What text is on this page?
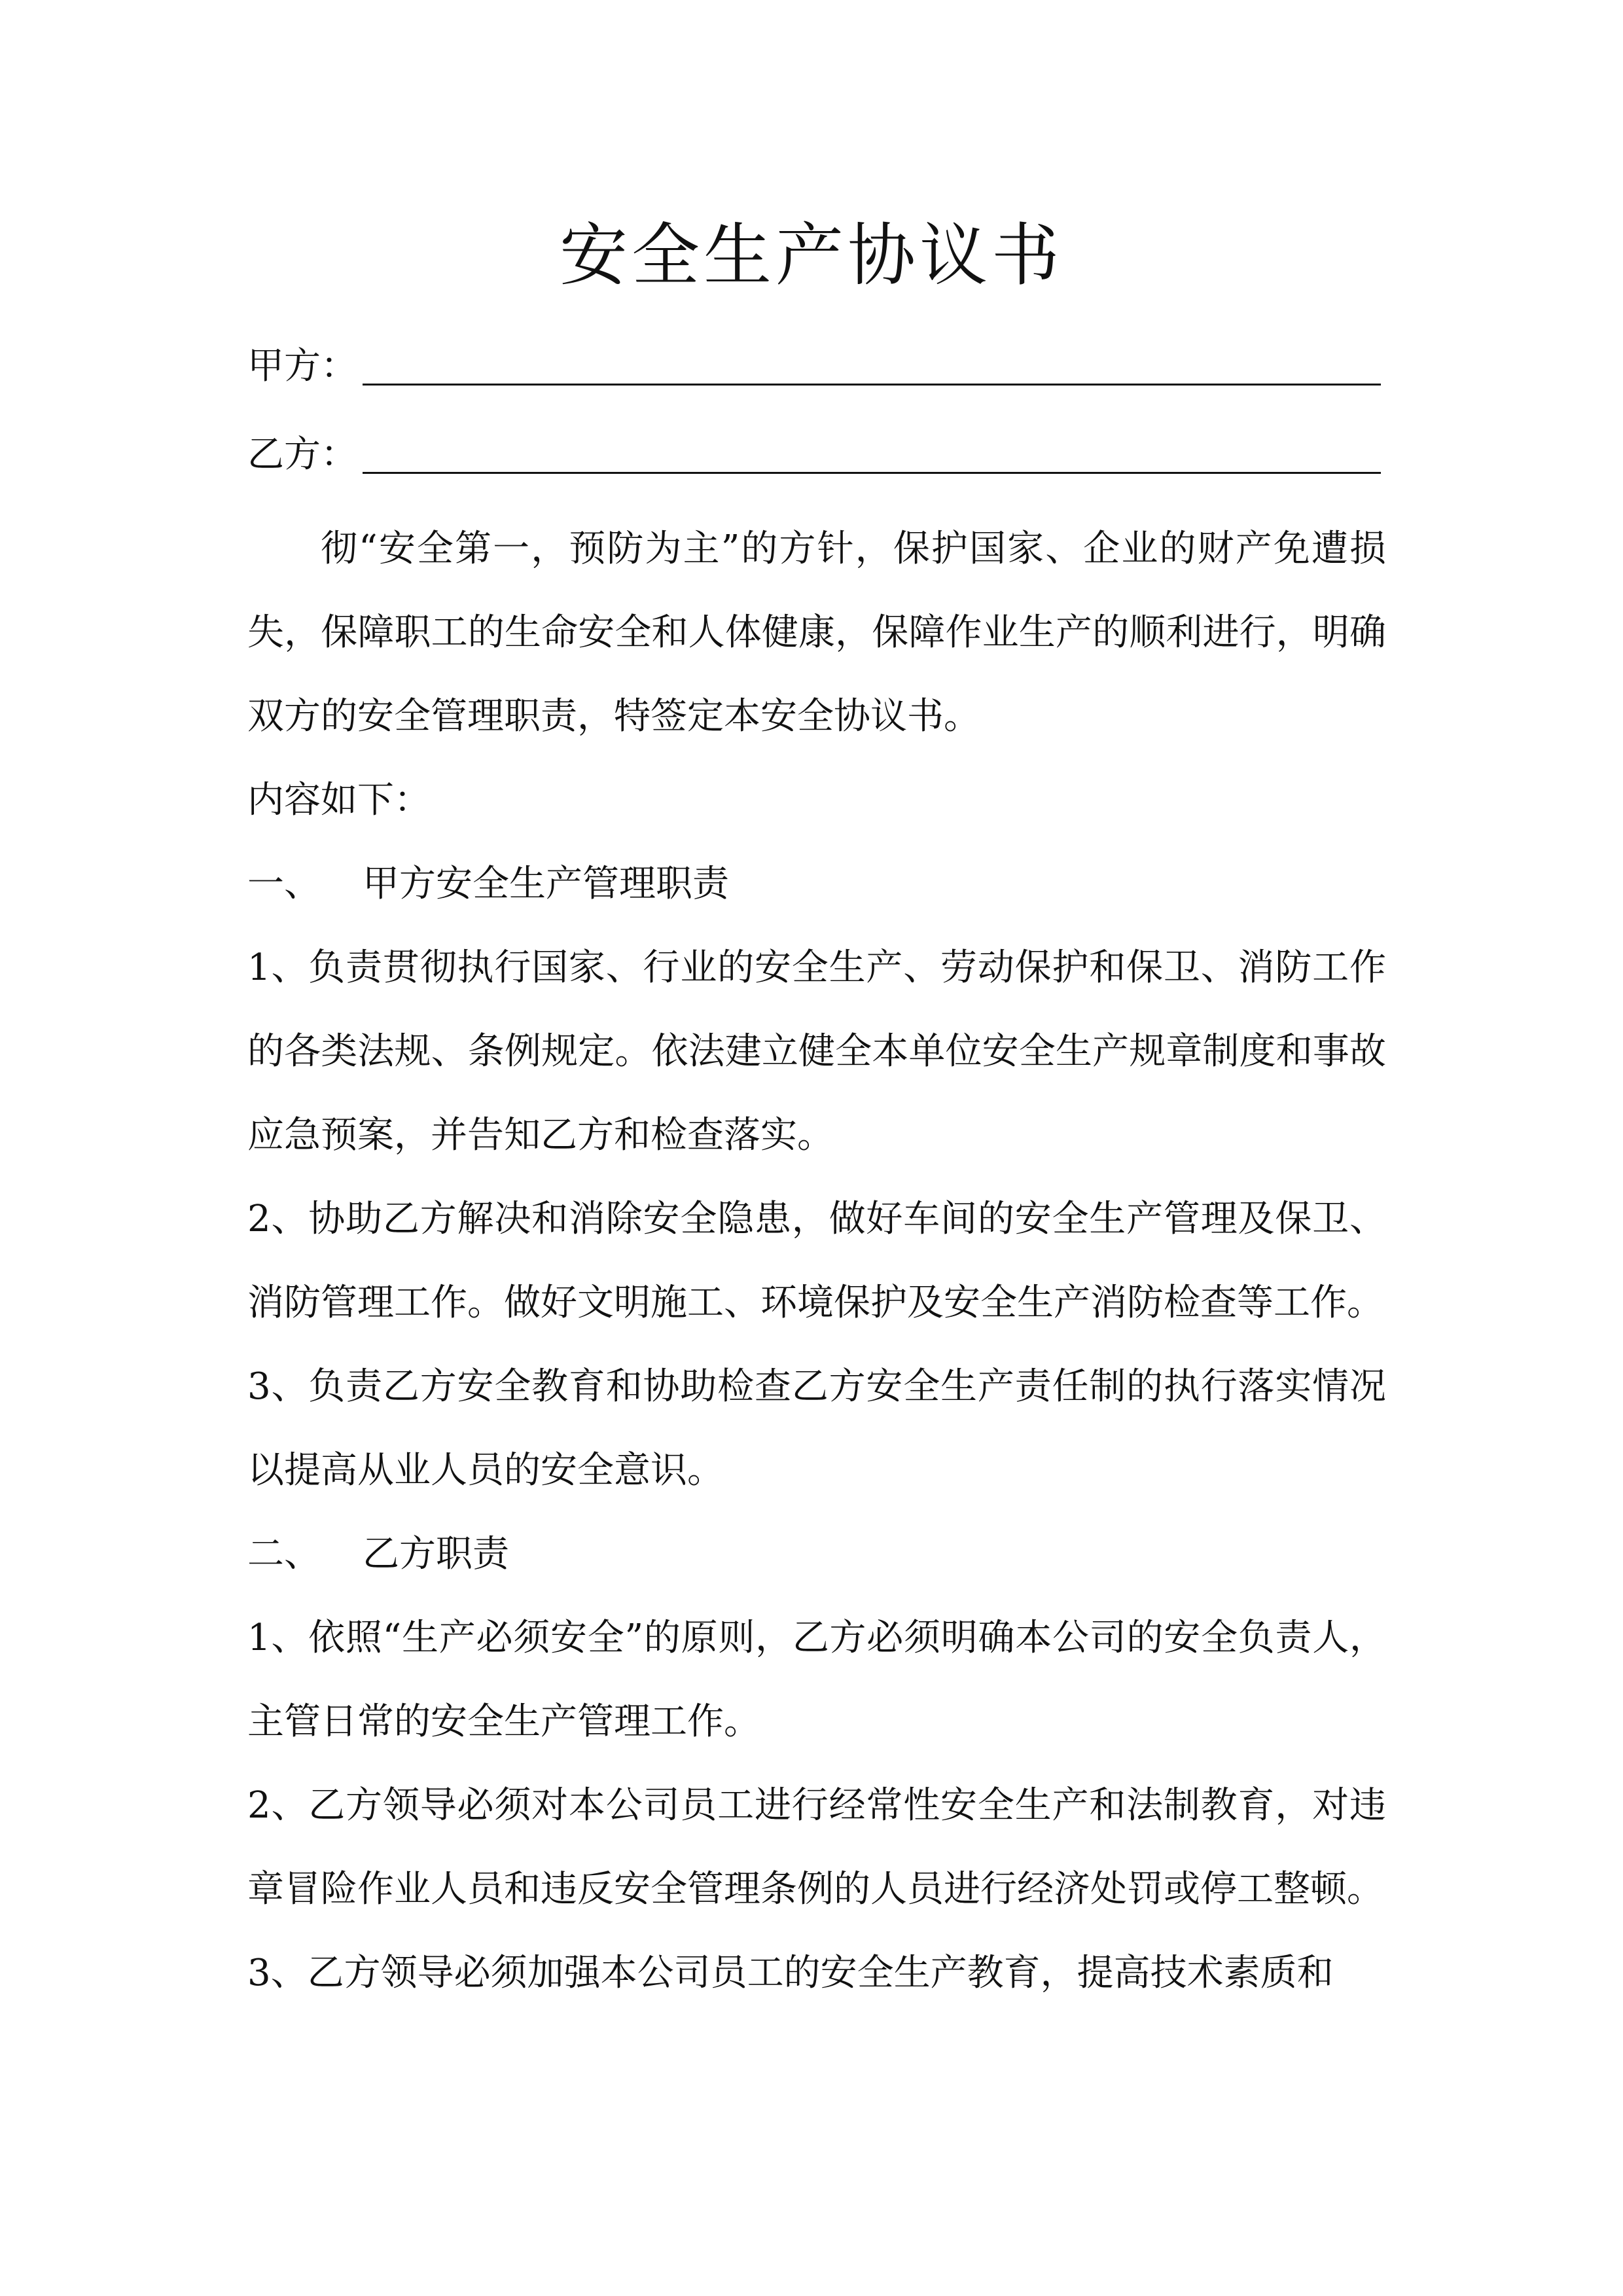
安全生产协议书
甲方：
乙方：

彻“安全第一，预防为主”的方针，保护国家、企业的财产免遭损失，保障职工的生命安全和人体健康，保障作业生产的顺利进行，明确双方的安全管理职责，特签定本安全协议书。

内容如下：

一、 甲方安全生产管理职责

1、负责贯彻执行国家、行业的安全生产、劳动保护和保卫、消防工作的各类法规、条例规定。依法建立健全本单位安全生产规章制度和事故应急预案，并告知乙方和检查落实。

2、协助乙方解决和消除安全隐患，做好车间的安全生产管理及保卫、消防管理工作。做好文明施工、环境保护及安全生产消防检查等工作。

3、负责乙方安全教育和协助检查乙方安全生产责任制的执行落实情况以提高从业人员的安全意识。

二、 乙方职责

1、依照“生产必须安全”的原则，乙方必须明确本公司的安全负责人，主管日常的安全生产管理工作。

2、乙方领导必须对本公司员工进行经常性安全生产和法制教育，对违章冒险作业人员和违反安全管理条例的人员进行经济处罚或停工整顿。

3、乙方领导必须加强本公司员工的安全生产教育，提高技术素质和
